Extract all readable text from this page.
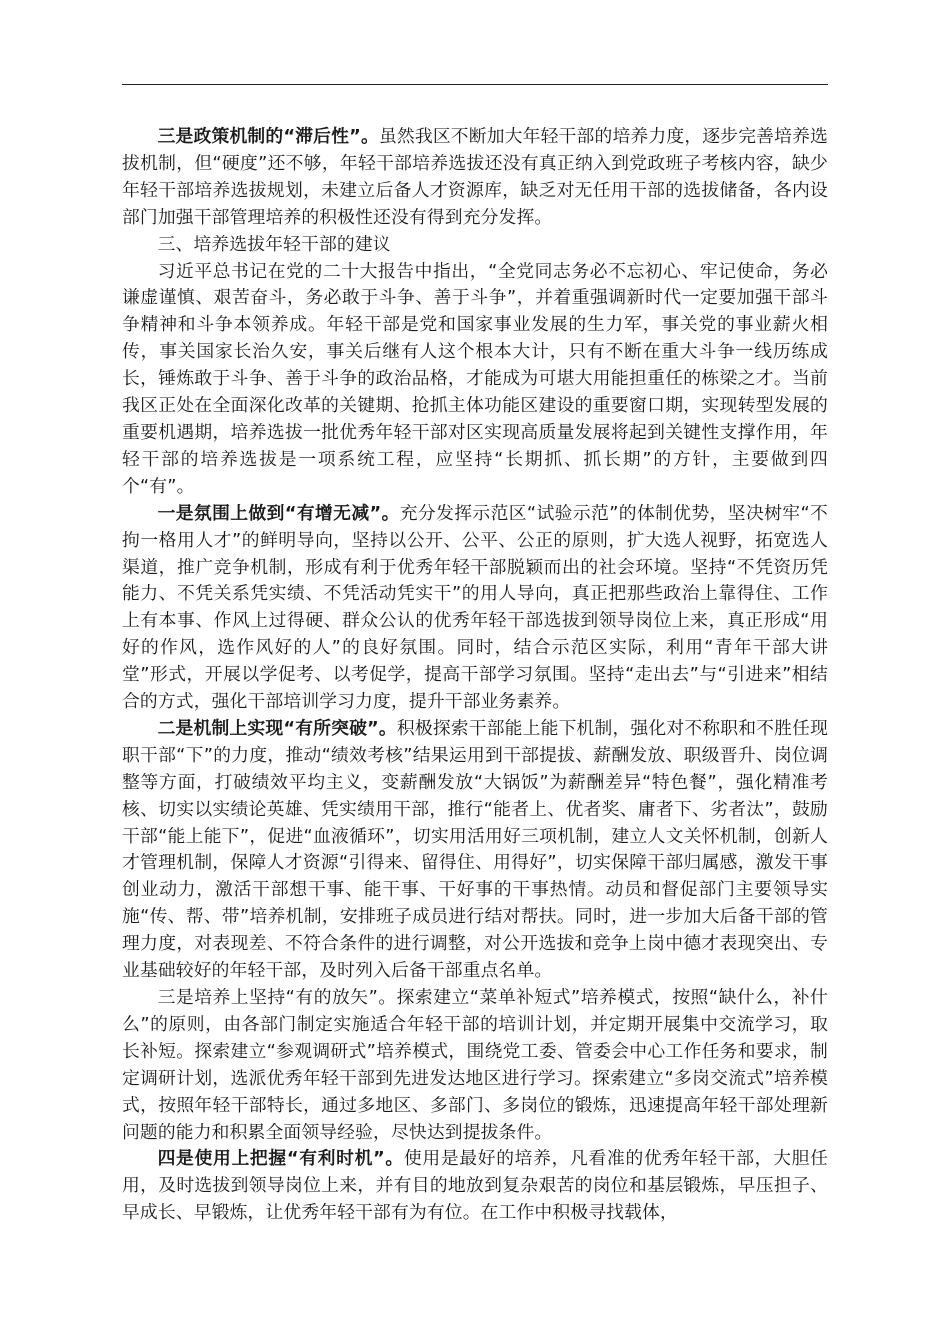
三是政策机制的“滞后性”。虽然我区不断加大年轻干部的培养力度，逐步完善培养选拔机制，但“硬度”还不够，年轻干部培养选拔还没有真正纳入到党政班子考核内容，缺少年轻干部培养选拔规划，未建立后备人才资源库，缺乏对无任用干部的选拔储备，各内设部门加强干部管理培养的积极性还没有得到充分发挥。

三、培养选拔年轻干部的建议

习近平总书记在党的二十大报告中指出，“全党同志务必不忘初心、牢记使命，务必谦虚谨慎、艰苦奋斗，务必敢于斗争、善于斗争”，并着重强调新时代一定要加强干部斗争精神和斗争本领养成。年轻干部是党和国家事业发展的生力军，事关党的事业薪火相传，事关国家长治久安，事关后继有人这个根本大计，只有不断在重大斗争一线历练成长，锤炼敢于斗争、善于斗争的政治品格，才能成为可堪大用能担重任的栋梁之才。当前我区正处在全面深化改革的关键期、抢抓主体功能区建设的重要窗口期，实现转型发展的重要机遇期，培养选拔一批优秀年轻干部对区实现高质量发展将起到关键性支撑作用，年轻干部的培养选拔是一项系统工程，应坚持“长期抓、抓长期”的方针，主要做到四个“有”。

一是氛围上做到“有增无减”。充分发挥示范区“试验示范”的体制优势，坚决树牢“不拘一格用人才”的鲜明导向，坚持以公开、公平、公正的原则，扩大选人视野，拓宽选人渠道，推广竞争机制，形成有利于优秀年轻干部脱颖而出的社会环境。坚持“不凭资历凭能力、不凭关系凭实绩、不凭活动凭实干”的用人导向，真正把那些政治上靠得住、工作上有本事、作风上过得硬、群众公认的优秀年轻干部选拔到领导岗位上来，真正形成“用好的作风，选作风好的人”的良好氛围。同时，结合示范区实际，利用“青年干部大讲堂”形式，开展以学促考、以考促学，提高干部学习氛围。坚持“走出去”与“引进来”相结合的方式，强化干部培训学习力度，提升干部业务素养。

二是机制上实现“有所突破”。积极探索干部能上能下机制，强化对不称职和不胜任现职干部“下”的力度，推动“绩效考核”结果运用到干部提拔、薪酬发放、职级晋升、岗位调整等方面，打破绩效平均主义，变薪酬发放“大锅饭”为薪酬差异“特色餐”，强化精准考核、切实以实绩论英雄、凭实绩用干部，推行“能者上、优者奖、庸者下、劣者汰”，鼓励干部“能上能下”，促进“血液循环”，切实用活用好三项机制，建立人文关怀机制，创新人才管理机制，保障人才资源“引得来、留得住、用得好”，切实保障干部归属感，激发干事创业动力，激活干部想干事、能干事、干好事的干事热情。动员和督促部门主要领导实施“传、帮、带”培养机制，安排班子成员进行结对帮扶。同时，进一步加大后备干部的管理力度，对表现差、不符合条件的进行调整，对公开选拔和竞争上岗中德才表现突出、专业基础较好的年轻干部，及时列入后备干部重点名单。

三是培养上坚持“有的放矢”。探索建立“菜单补短式”培养模式，按照“缺什么，补什么”的原则，由各部门制定实施适合年轻干部的培训计划，并定期开展集中交流学习，取长补短。探索建立“参观调研式”培养模式，围绕党工委、管委会中心工作任务和要求，制定调研计划，选派优秀年轻干部到先进发达地区进行学习。探索建立“多岗交流式”培养模式，按照年轻干部特长，通过多地区、多部门、多岗位的锻炼，迅速提高年轻干部处理新问题的能力和积累全面领导经验，尽快达到提拔条件。

四是使用上把握“有利时机”。使用是最好的培养，凡看准的优秀年轻干部，大胆任用，及时选拔到领导岗位上来，并有目的地放到复杂艰苦的岗位和基层锻炼，早压担子、早成长、早锻炼，让优秀年轻干部有为有位。在工作中积极寻找载体，
